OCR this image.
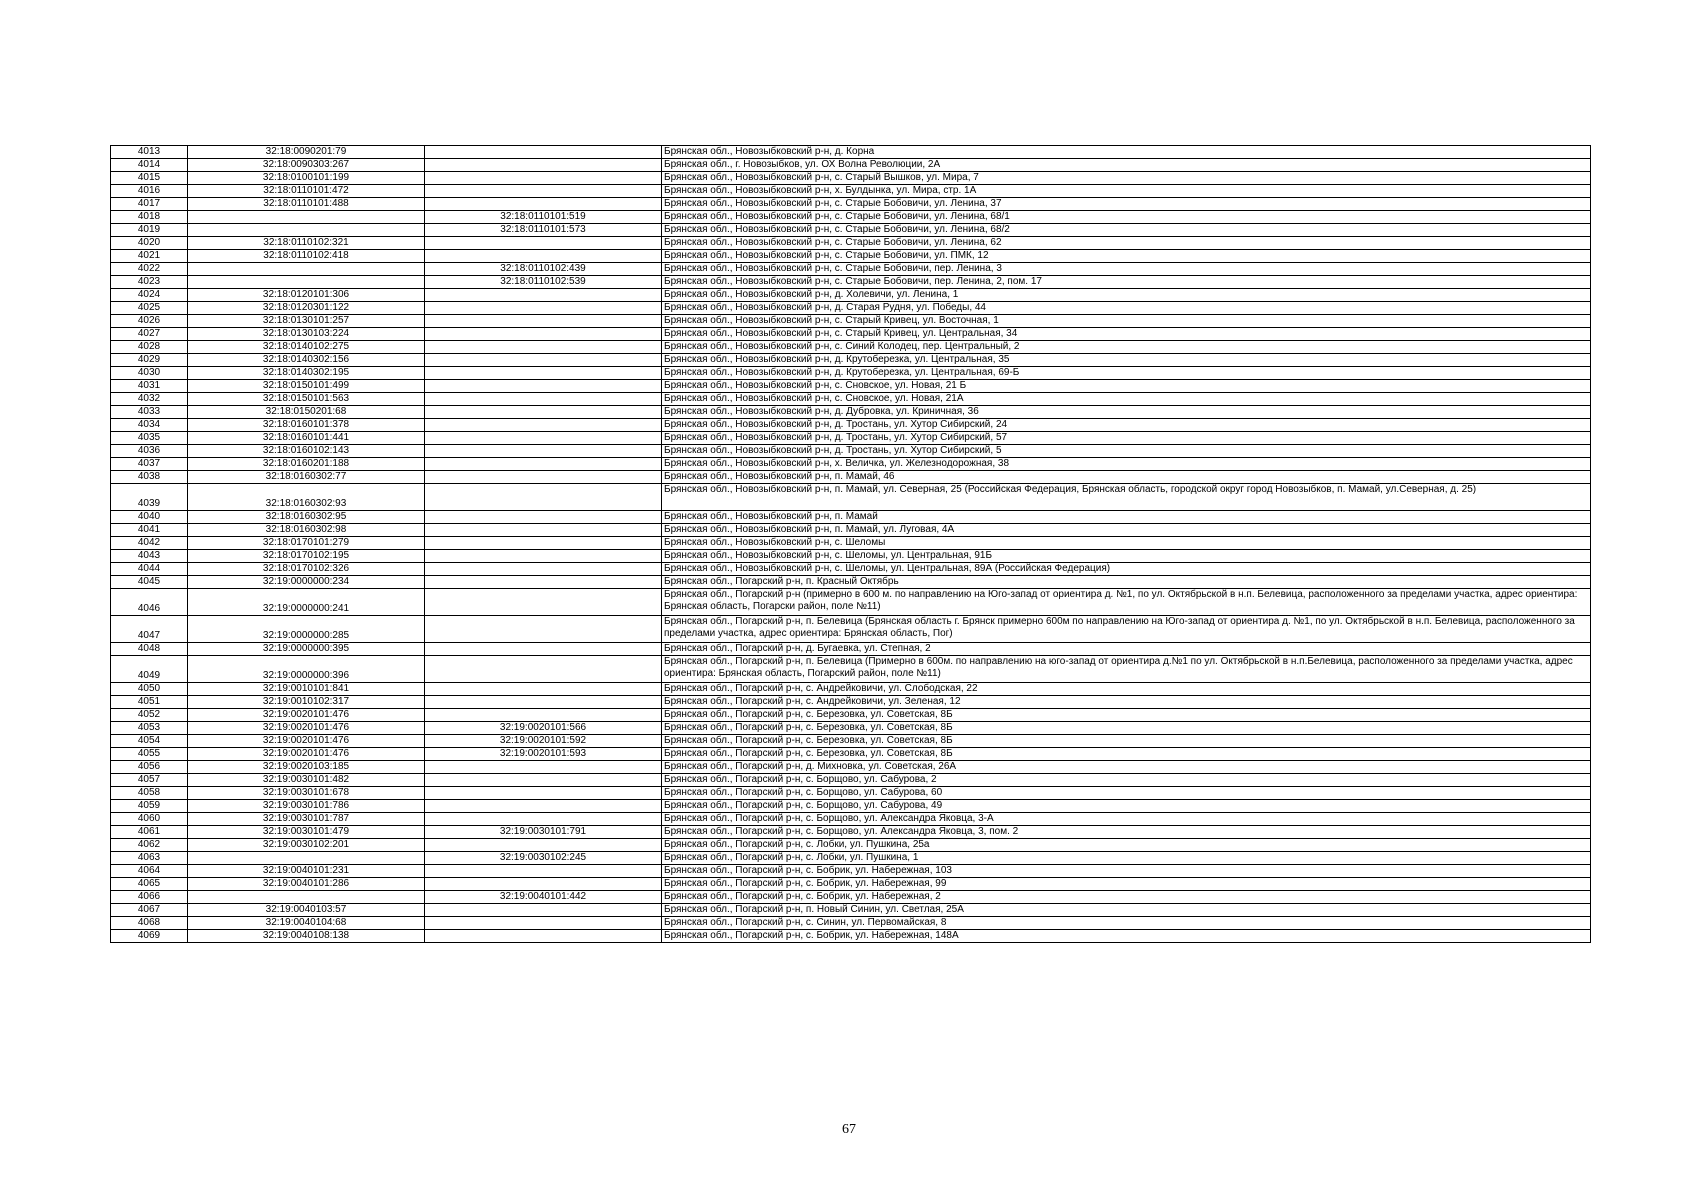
4013	32:18:0090201:79		Брянская обл., Новозыбковский р-н, д. Корна
4014	32:18:0090303:267		Брянская обл., г. Новозыбков, ул. ОХ Волна Революции, 2А
4015	32:18:0100101:199		Брянская обл., Новозыбковский р-н, с. Старый Вышков, ул. Мира, 7
4016	32:18:0110101:472		Брянская обл., Новозыбковский р-н, х. Булдынка, ул. Мира, стр. 1А
4017	32:18:0110101:488		Брянская обл., Новозыбковский р-н, с. Старые Бобовичи, ул. Ленина, 37
4018		32:18:0110101:519	Брянская обл., Новозыбковский р-н, с. Старые Бобовичи, ул. Ленина, 68/1
4019		32:18:0110101:573	Брянская обл., Новозыбковский р-н, с. Старые Бобовичи, ул. Ленина, 68/2
4020	32:18:0110102:321		Брянская обл., Новозыбковский р-н, с. Старые Бобовичи, ул. Ленина, 62
4021	32:18:0110102:418		Брянская обл., Новозыбковский р-н, с. Старые Бобовичи, ул. ПМК, 12
4022		32:18:0110102:439	Брянская обл., Новозыбковский р-н, с. Старые Бобовичи, пер. Ленина, 3
4023		32:18:0110102:539	Брянская обл., Новозыбковский р-н, с. Старые Бобовичи, пер. Ленина, 2, пом. 17
4024	32:18:0120101:306		Брянская обл., Новозыбковский р-н, д. Холевичи, ул. Ленина, 1
4025	32:18:0120301:122		Брянская обл., Новозыбковский р-н, д. Старая Рудня, ул. Победы, 44
4026	32:18:0130101:257		Брянская обл., Новозыбковский р-н, с. Старый Кривец, ул. Восточная, 1
4027	32:18:0130103:224		Брянская обл., Новозыбковский р-н, с. Старый Кривец, ул. Центральная, 34
4028	32:18:0140102:275		Брянская обл., Новозыбковский р-н, с. Синий Колодец, пер. Центральный, 2
4029	32:18:0140302:156		Брянская обл., Новозыбковский р-н, д. Крутоберезка, ул. Центральная, 35
4030	32:18:0140302:195		Брянская обл., Новозыбковский р-н, д. Крутоберезка, ул. Центральная, 69-Б
4031	32:18:0150101:499		Брянская обл., Новозыбковский р-н, с. Сновское, ул. Новая, 21 Б
4032	32:18:0150101:563		Брянская обл., Новозыбковский р-н, с. Сновское, ул. Новая, 21А
4033	32:18:0150201:68		Брянская обл., Новозыбковский р-н, д. Дубровка, ул. Криничная, 36
4034	32:18:0160101:378		Брянская обл., Новозыбковский р-н, д. Тростань, ул. Хутор Сибирский, 24
4035	32:18:0160101:441		Брянская обл., Новозыбковский р-н, д. Тростань, ул. Хутор Сибирский, 57
4036	32:18:0160102:143		Брянская обл., Новозыбковский р-н, д. Тростань, ул. Хутор Сибирский, 5
4037	32:18:0160201:188		Брянская обл., Новозыбковский р-н, х. Величка, ул. Железнодорожная, 38
4038	32:18:0160302:77		Брянская обл., Новозыбковский р-н, п. Мамай, 46
4039	32:18:0160302:93		Брянская обл., Новозыбковский р-н, п. Мамай, ул. Северная, 25 (Российская Федерация, Брянская область, городской округ город Новозыбков, п. Мамай, ул.Северная, д. 25)
4040	32:18:0160302:95		Брянская обл., Новозыбковский р-н, п. Мамай
4041	32:18:0160302:98		Брянская обл., Новозыбковский р-н, п. Мамай, ул. Луговая, 4А
4042	32:18:0170101:279		Брянская обл., Новозыбковский р-н, с. Шеломы
4043	32:18:0170102:195		Брянская обл., Новозыбковский р-н, с. Шеломы, ул. Центральная, 91Б
4044	32:18:0170102:326		Брянская обл., Новозыбковский р-н, с. Шеломы, ул. Центральная, 89А (Российская Федерация)
4045	32:19:0000000:234		Брянская обл., Погарский р-н, п. Красный Октябрь
4046	32:19:0000000:241		Брянская обл., Погарский р-н (примерно в 600 м. по направлению на Юго-запад от ориентира д. №1, по ул. Октябрьской в н.п. Белевица, расположенного за пределами участка, адрес ориентира: Брянская область, Погарски район, поле №11)
4047	32:19:0000000:285		Брянская обл., Погарский р-н, п. Белевица (Брянская область г. Брянск примерно 600м по направлению на Юго-запад от ориентира д. №1, по ул. Октябрьской в н.п. Белевица, расположенного за пределами участка, адрес ориентира: Брянская область, Пог)
4048	32:19:0000000:395		Брянская обл., Погарский р-н, д. Бугаевка, ул. Степная, 2
4049	32:19:0000000:396		Брянская обл., Погарский р-н, п. Белевица (Примерно в 600м. по направлению на юго-запад от ориентира д.№1 по ул. Октябрьской в н.п.Белевица, расположенного за пределами участка, адрес ориентира: Брянская область, Погарский район, поле №11)
4050	32:19:0010101:841		Брянская обл., Погарский р-н, с. Андрейковичи, ул. Слободская, 22
4051	32:19:0010102:317		Брянская обл., Погарский р-н, с. Андрейковичи, ул. Зеленая, 12
4052	32:19:0020101:476		Брянская обл., Погарский р-н, с. Березовка, ул. Советская, 8Б
4053	32:19:0020101:476	32:19:0020101:566	Брянская обл., Погарский р-н, с. Березовка, ул. Советская, 8Б
4054	32:19:0020101:476	32:19:0020101:592	Брянская обл., Погарский р-н, с. Березовка, ул. Советская, 8Б
4055	32:19:0020101:476	32:19:0020101:593	Брянская обл., Погарский р-н, с. Березовка, ул. Советская, 8Б
4056	32:19:0020103:185		Брянская обл., Погарский р-н, д. Михновка, ул. Советская, 26А
4057	32:19:0030101:482		Брянская обл., Погарский р-н, с. Борщово, ул. Сабурова, 2
4058	32:19:0030101:678		Брянская обл., Погарский р-н, с. Борщово, ул. Сабурова, 60
4059	32:19:0030101:786		Брянская обл., Погарский р-н, с. Борщово, ул. Сабурова, 49
4060	32:19:0030101:787		Брянская обл., Погарский р-н, с. Борщово, ул. Александра Яковца, 3-А
4061	32:19:0030101:479	32:19:0030101:791	Брянская обл., Погарский р-н, с. Борщово, ул. Александра Яковца, 3, пом. 2
4062	32:19:0030102:201		Брянская обл., Погарский р-н, с. Лобки, ул. Пушкина, 25а
4063		32:19:0030102:245	Брянская обл., Погарский р-н, с. Лобки, ул. Пушкина, 1
4064	32:19:0040101:231		Брянская обл., Погарский р-н, с. Бобрик, ул. Набережная, 103
4065	32:19:0040101:286		Брянская обл., Погарский р-н, с. Бобрик, ул. Набережная, 99
4066		32:19:0040101:442	Брянская обл., Погарский р-н, с. Бобрик, ул. Набережная, 2
4067	32:19:0040103:57		Брянская обл., Погарский р-н, п. Новый Синин, ул. Светлая, 25А
4068	32:19:0040104:68		Брянская обл., Погарский р-н, с. Синин, ул. Первомайская, 8
4069	32:19:0040108:138		Брянская обл., Погарский р-н, с. Бобрик, ул. Набережная, 148А
67
